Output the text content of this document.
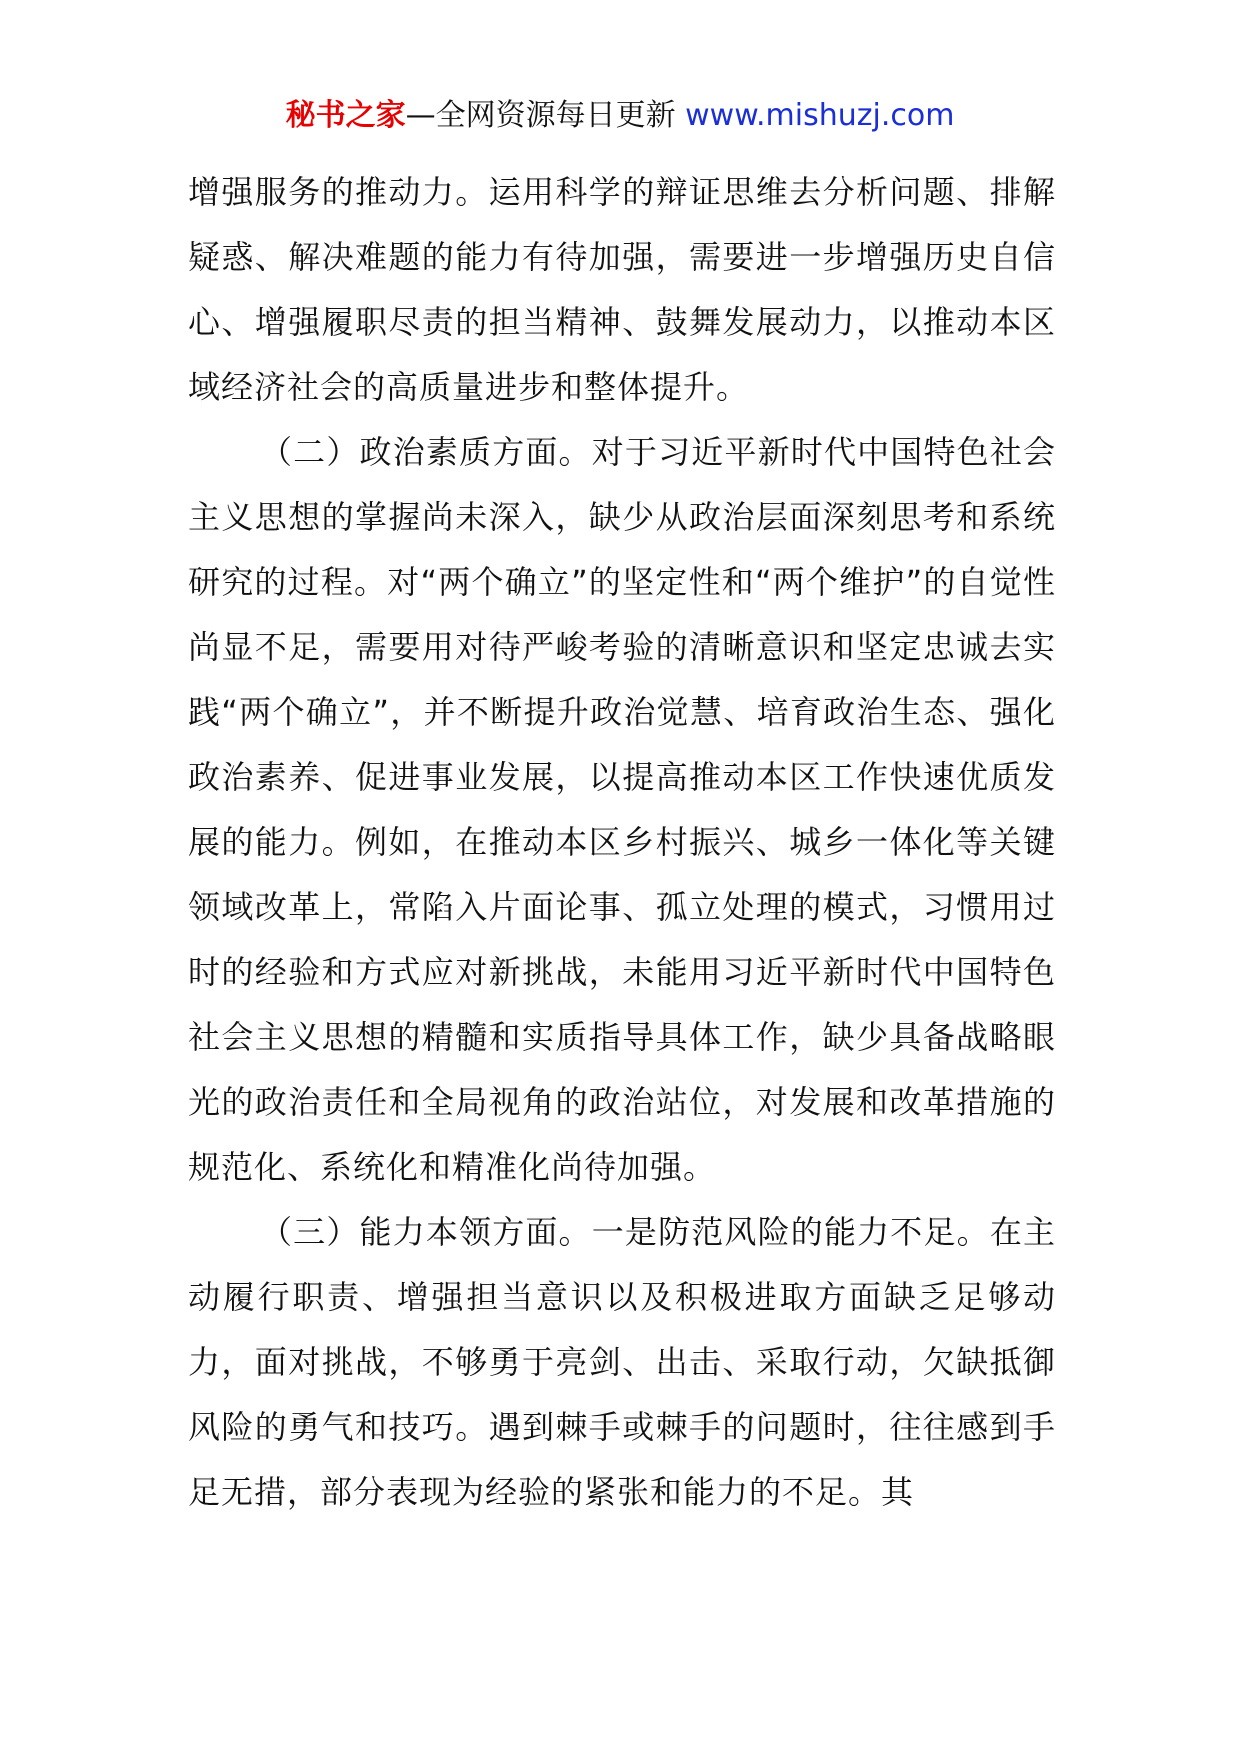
秘书之家—全网资源每日更新 www.mishuzj.com

增强服务的推动力。运用科学的辩证思维去分析问题、排解疑惑、解决难题的能力有待加强，需要进一步增强历史自信心、增强履职尽责的担当精神、鼓舞发展动力，以推动本区域经济社会的高质量进步和整体提升。

（二）政治素质方面。对于习近平新时代中国特色社会主义思想的掌握尚未深入，缺少从政治层面深刻思考和系统研究的过程。对“两个确立”的坚定性和“两个维护”的自觉性尚显不足，需要用对待严峻考验的清晰意识和坚定忠诚去实践“两个确立”，并不断提升政治觉慧、培育政治生态、强化政治素养、促进事业发展，以提高推动本区工作快速优质发展的能力。例如，在推动本区乡村振兴、城乡一体化等关键领域改革上，常陷入片面论事、孤立处理的模式，习惯用过时的经验和方式应对新挑战，未能用习近平新时代中国特色社会主义思想的精髓和实质指导具体工作，缺少具备战略眼光的政治责任和全局视角的政治站位，对发展和改革措施的规范化、系统化和精准化尚待加强。

（三）能力本领方面。一是防范风险的能力不足。在主动履行职责、增强担当意识以及积极进取方面缺乏足够动力，面对挑战，不够勇于亮剑、出击、采取行动，欠缺抵御风险的勇气和技巧。遇到棘手或棘手的问题时，往往感到手足无措，部分表现为经验的紧张和能力的不足。其
